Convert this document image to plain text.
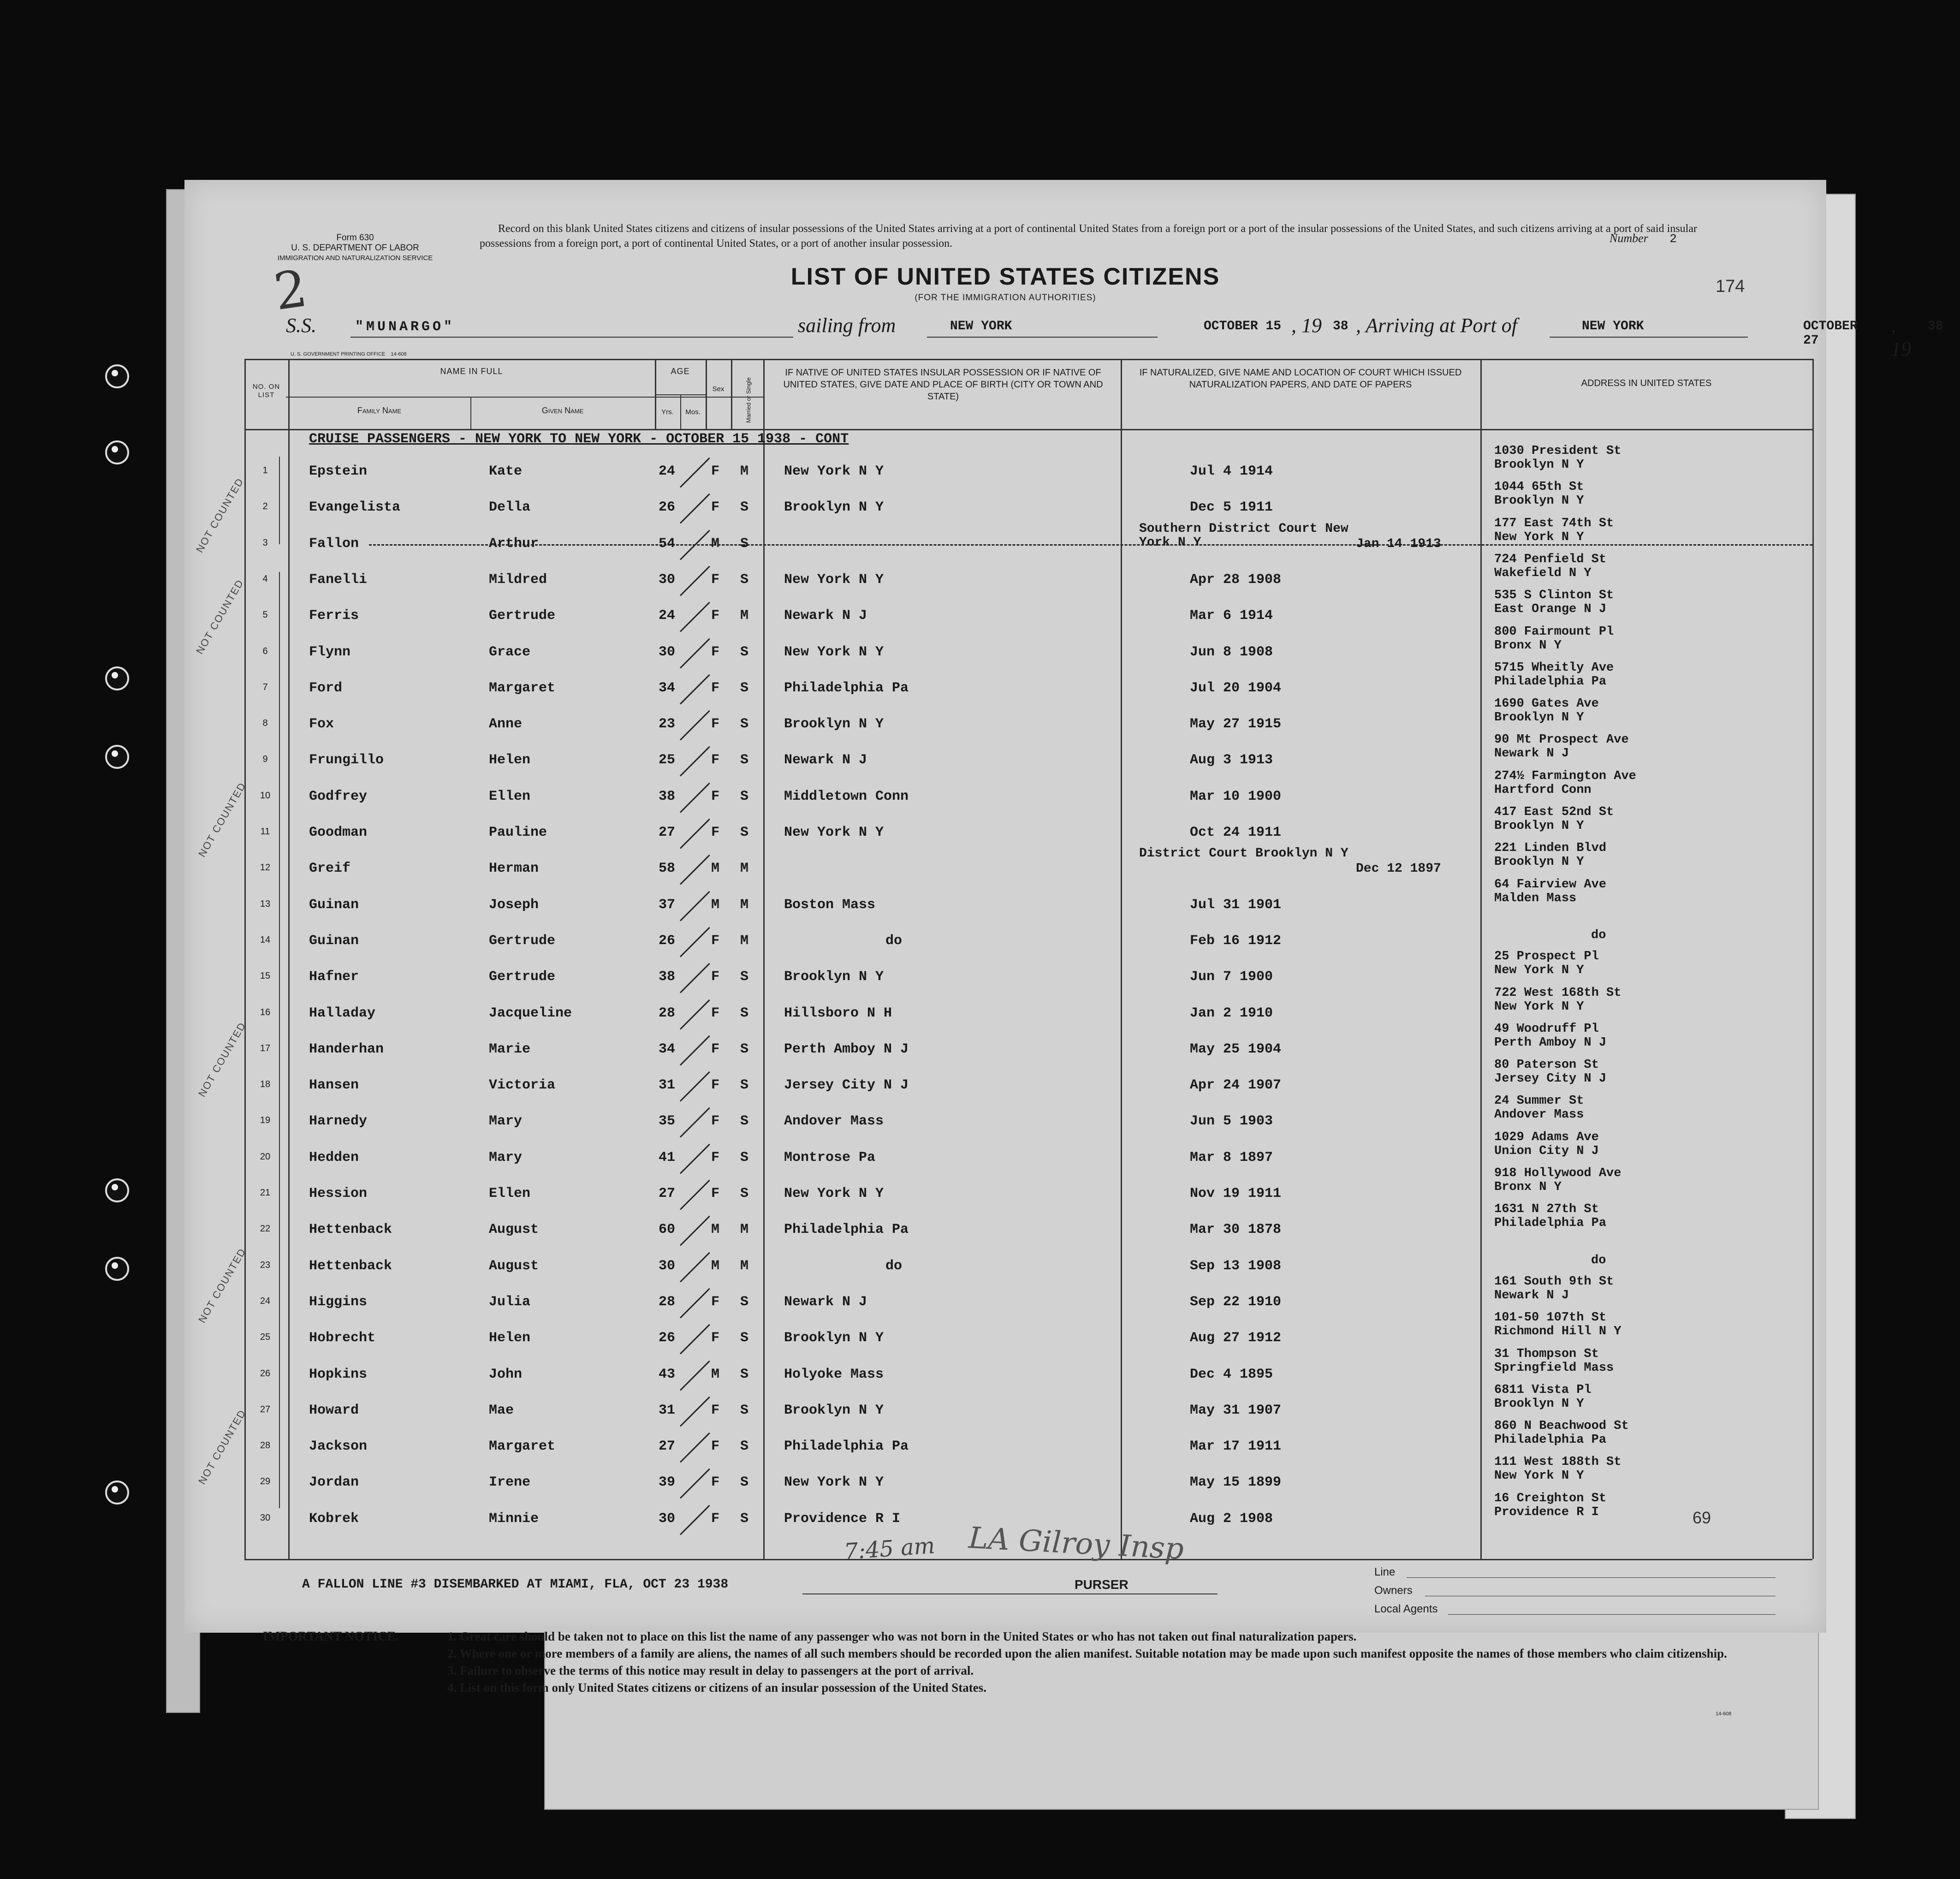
Form 630
U. S. DEPARTMENT OF LABOR
IMMIGRATION AND NATURALIZATION SERVICE
2
U. S. GOVERNMENT PRINTING OFFICE 14-608
Record on this blank United States citizens and citizens of insular possessions of the United States arriving at a port of continental United States from a foreign port or a port of the insular possessions of the United States, and such citizens arriving at a port of said insular possessions from a foreign port, a port of continental United States, or a port of another insular possession.	Number 2
174
LIST OF UNITED STATES CITIZENS
(FOR THE IMMIGRATION AUTHORITIES)
S.S.	"MUNARGO"	sailing from	NEW YORK	OCTOBER 15 , 19 38 , Arriving at Port of	NEW YORK	OCTOBER 27
, 19
38
NO. ON LIST
NAME IN FULL
Family Name	Given Name
AGE
Yrs.	Mos.
Sex	Married or Single
IF NATIVE OF UNITED STATES INSULAR POSSESSION OR IF NATIVE OF UNITED STATES, GIVE DATE AND PLACE OF BIRTH (CITY OR TOWN AND STATE)
IF NATURALIZED, GIVE NAME AND LOCATION OF COURT WHICH ISSUED NATURALIZATION PAPERS, AND DATE OF PAPERS	ADDRESS IN UNITED STATES
CRUISE PASSENGERS - NEW YORK TO NEW YORK - OCTOBER 15 1938 - CONT
NOT COUNTED
NOT COUNTED
NOT COUNTED
NOT COUNTED
NOT COUNTED
NOT COUNTED
1	Epstein	Kate	24	F M	New York N Y	Jul 4 1914
1030 President St
Brooklyn N Y
2	Evangelista	Della	26	F S	Brooklyn N Y	Dec 5 1911
1044 65th St
Brooklyn N Y
3	Fallon	Arthur	54	M S
Southern District Court New York N Y	Jan 14 1913
177 East 74th St
New York N Y
4	Fanelli	Mildred	30	F S	New York N Y	Apr 28 1908
724 Penfield St
Wakefield N Y
5	Ferris	Gertrude	24	F M	Newark N J	Mar 6 1914
535 S Clinton St
East Orange N J
6	Flynn	Grace	30	F S	New York N Y	Jun 8 1908
800 Fairmount Pl
Bronx N Y
7	Ford	Margaret	34	F S	Philadelphia Pa	Jul 20 1904
5715 Wheitly Ave
Philadelphia Pa
8	Fox	Anne	23	F S	Brooklyn N Y	May 27 1915
1690 Gates Ave
Brooklyn N Y
9	Frungillo	Helen	25	F S	Newark N J	Aug 3 1913
90 Mt Prospect Ave
Newark N J
10	Godfrey	Ellen	38	F S	Middletown Conn	Mar 10 1900
274½ Farmington Ave
Hartford Conn
11	Goodman	Pauline	27	F S	New York N Y	Oct 24 1911
417 East 52nd St
Brooklyn N Y
12	Greif	Herman	58	M M
District Court Brooklyn N Y
Dec 12 1897
221 Linden Blvd
Brooklyn N Y
13	Guinan	Joseph	37	M M	Boston Mass	Jul 31 1901
64 Fairview Ave
Malden Mass
14	Guinan	Gertrude	26	F M	do	Feb 16 1912	do
15	Hafner	Gertrude	38	F S	Brooklyn N Y	Jun 7 1900
25 Prospect Pl
New York N Y
16	Halladay	Jacqueline	28	F S	Hillsboro N H	Jan 2 1910
722 West 168th St
New York N Y
17	Handerhan	Marie	34	F S	Perth Amboy N J	May 25 1904
49 Woodruff Pl
Perth Amboy N J
18	Hansen	Victoria	31	F S	Jersey City N J	Apr 24 1907
80 Paterson St
Jersey City N J
19	Harnedy	Mary	35	F S	Andover Mass	Jun 5 1903
24 Summer St
Andover Mass
20	Hedden	Mary	41	F S	Montrose Pa	Mar 8 1897
1029 Adams Ave
Union City N J
21	Hession	Ellen	27	F S	New York N Y	Nov 19 1911
918 Hollywood Ave
Bronx N Y
22	Hettenback	August	60	M M	Philadelphia Pa	Mar 30 1878
1631 N 27th St
Philadelphia Pa
23	Hettenback	August	30	M M	do	Sep 13 1908	do
24	Higgins	Julia	28	F S	Newark N J	Sep 22 1910
161 South 9th St
Newark N J
25	Hobrecht	Helen	26	F S	Brooklyn N Y	Aug 27 1912
101-50 107th St
Richmond Hill N Y
26	Hopkins	John	43	M S	Holyoke Mass	Dec 4 1895
31 Thompson St
Springfield Mass
27	Howard	Mae	31	F S	Brooklyn N Y	May 31 1907
6811 Vista Pl
Brooklyn N Y
28	Jackson	Margaret	27	F S	Philadelphia Pa	Mar 17 1911
860 N Beachwood St
Philadelphia Pa
29	Jordan	Irene	39	F S	New York N Y	May 15 1899
111 West 188th St
New York N Y
30	Kobrek	Minnie	30	F S	Providence R I	Aug 2 1908
16 Creighton St
Providence R I	69
7:45 am LA Gilroy Insp
A FALLON LINE #3 DISEMBARKED AT MIAMI, FLA, OCT 23 1938	PURSER
Line
Owners
Local Agents
IMPORTANT NOTICE.	1. Great care should be taken not to place on this list the name of any passenger who was not born in the United States or who has not taken out final naturalization papers.

2. Where one or more members of a family are aliens, the names of all such members should be recorded upon the alien manifest. Suitable notation may be made upon such manifest opposite the names of those members who claim citizenship.

3. Failure to observe the terms of this notice may result in delay to passengers at the port of arrival.

4. List on this form only United States citizens or citizens of an insular possession of the United States.

14-608
